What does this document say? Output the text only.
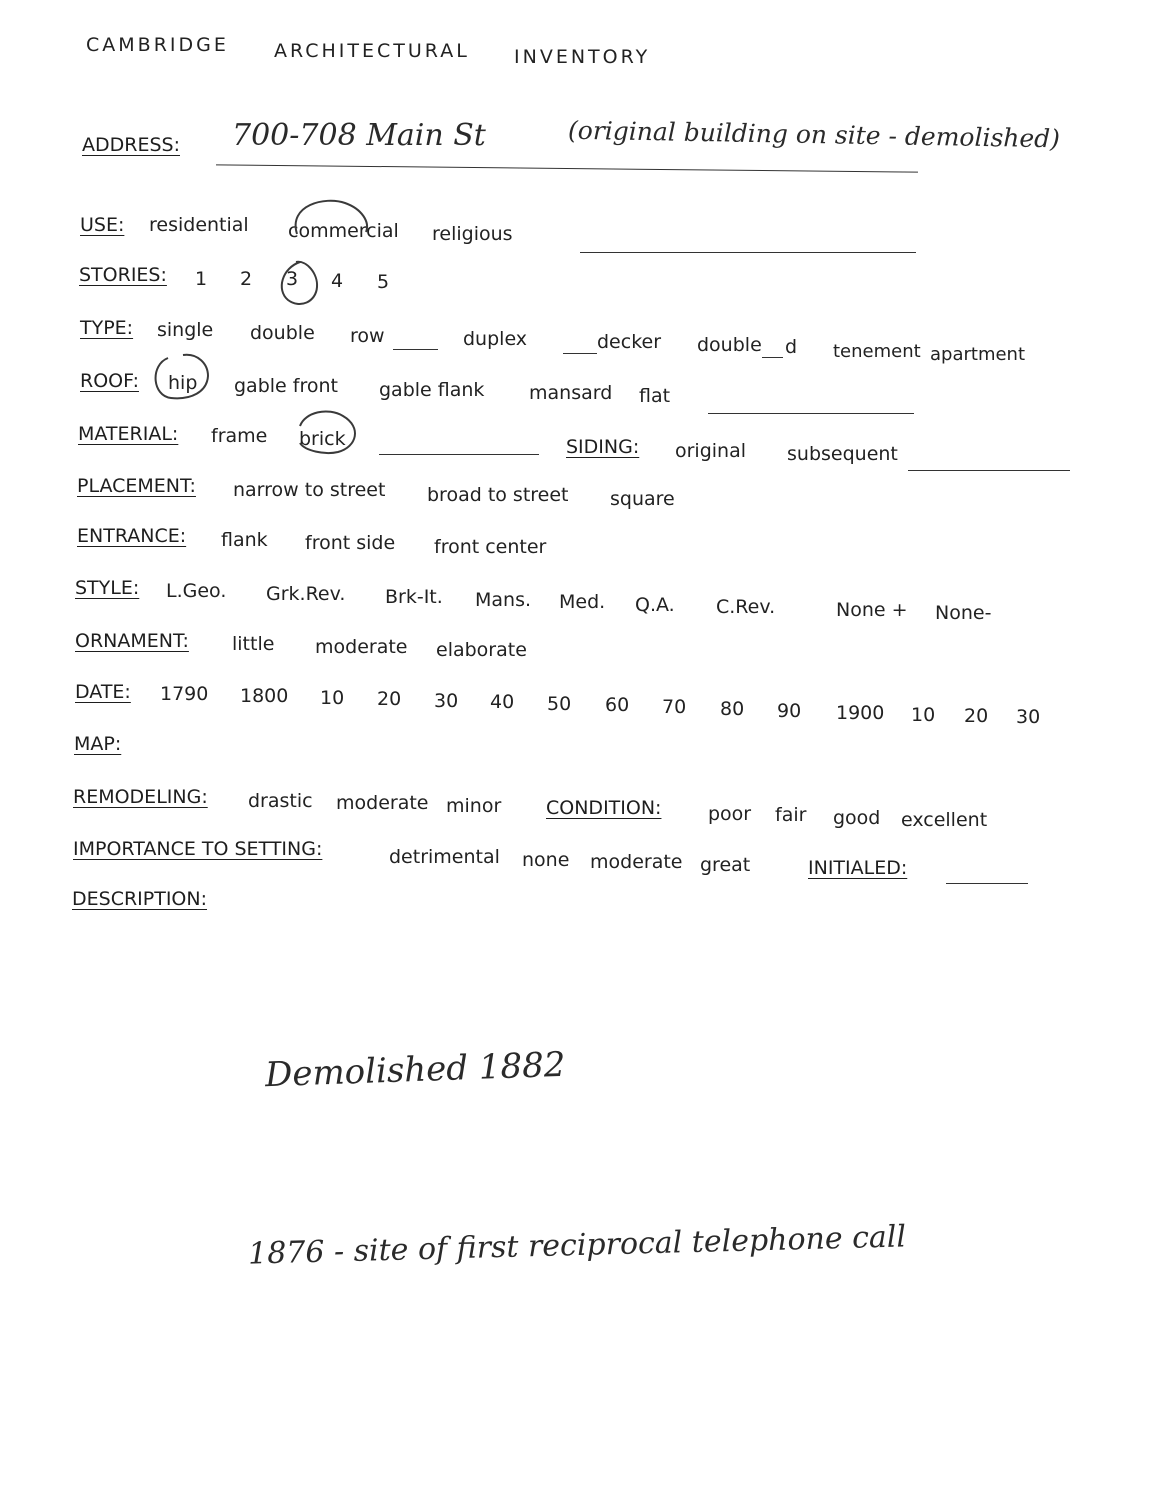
CAMBRIDGE ARCHITECTURAL INVENTORY
ADDRESS: 700-708 Main St	(original building on site - demolished)
USE: residential commercial religious
STORIES: 1 2 3 4 5
TYPE: single double row	duplex	decker double d tenement apartment
ROOF: hip gable front gable flank mansard flat
MATERIAL: frame brick	SIDING: original subsequent
PLACEMENT: narrow to street broad to street square
ENTRANCE: flank front side front center
STYLE: L.Geo. Grk.Rev. Brk-It. Mans. Med. Q.A. C.Rev.	None + None-
ORNAMENT: little moderate elaborate
DATE: 1790 1800 10 20 30 40 50 60 70 80 90 1900 10 20 30
MAP:
REMODELING: drastic moderate minor CONDITION: poor fair good excellent
IMPORTANCE TO SETTING:	detrimental none moderate great	INITIALED:
DESCRIPTION:
Demolished 1882
1876 - site of first reciprocal telephone call
